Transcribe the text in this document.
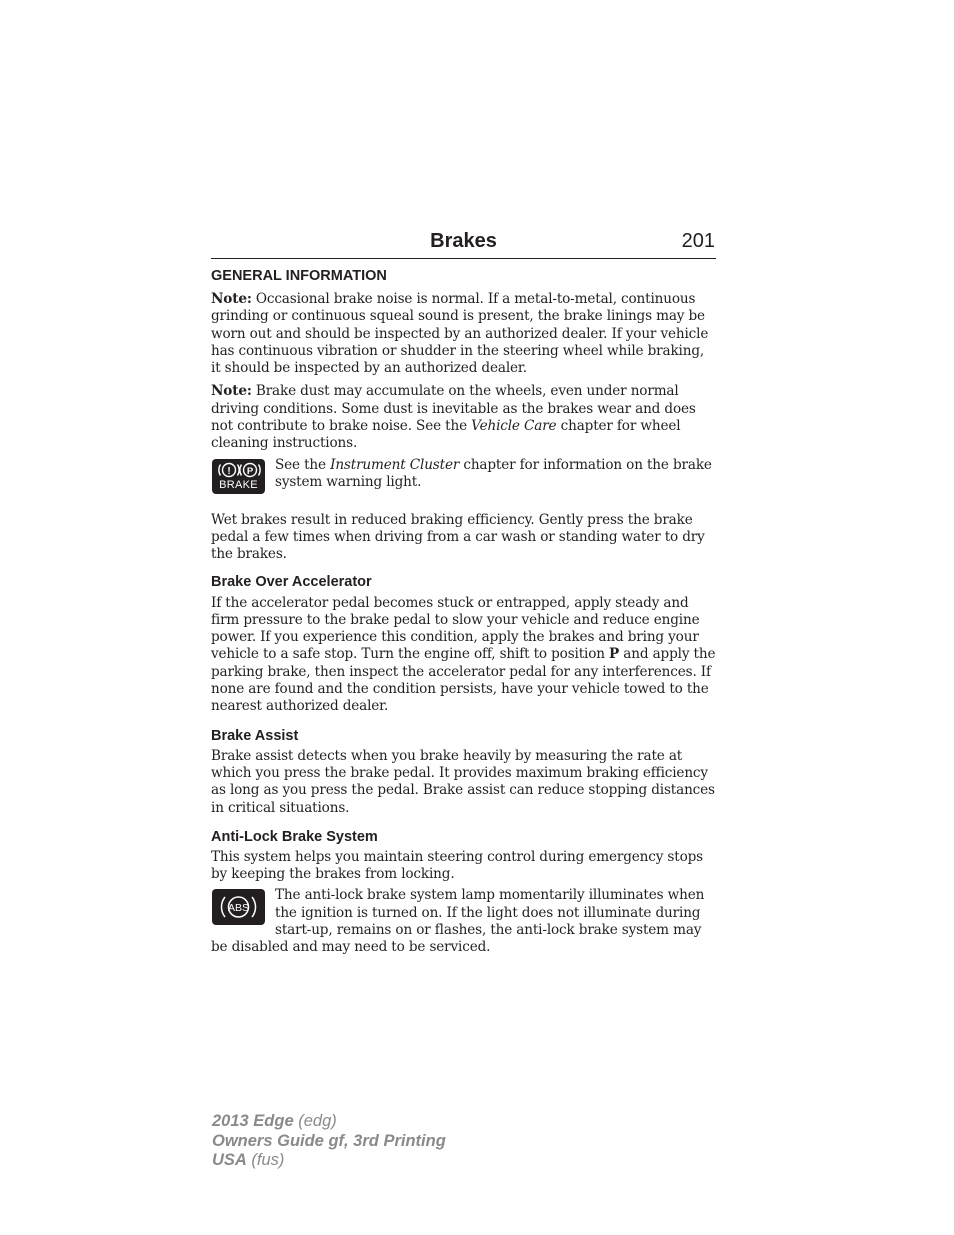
Brakes	201
GENERAL INFORMATION

Note: Occasional brake noise is normal. If a metal-to-metal, continuous grinding or continuous squeal sound is present, the brake linings may be worn out and should be inspected by an authorized dealer. If your vehicle has continuous vibration or shudder in the steering wheel while braking, it should be inspected by an authorized dealer.

Note: Brake dust may accumulate on the wheels, even under normal driving conditions. Some dust is inevitable as the brakes wear and does not contribute to brake noise. See the Vehicle Care chapter for wheel cleaning instructions.

! P
BRAKE

See the Instrument Cluster chapter for information on the brake system warning light.

Wet brakes result in reduced braking efficiency. Gently press the brake pedal a few times when driving from a car wash or standing water to dry the brakes.

Brake Over Accelerator

If the accelerator pedal becomes stuck or entrapped, apply steady and firm pressure to the brake pedal to slow your vehicle and reduce engine power. If you experience this condition, apply the brakes and bring your vehicle to a safe stop. Turn the engine off, shift to position P and apply the parking brake, then inspect the accelerator pedal for any interferences. If none are found and the condition persists, have your vehicle towed to the nearest authorized dealer.

Brake Assist

Brake assist detects when you brake heavily by measuring the rate at which you press the brake pedal. It provides maximum braking efficiency as long as you press the pedal. Brake assist can reduce stopping distances in critical situations.

Anti-Lock Brake System

This system helps you maintain steering control during emergency stops by keeping the brakes from locking.

ABS

The anti-lock brake system lamp momentarily illuminates when the ignition is turned on. If the light does not illuminate during start-up, remains on or flashes, the anti-lock brake system may be disabled and may need to be serviced.

2013 Edge (edg)
Owners Guide gf, 3rd Printing
USA (fus)
